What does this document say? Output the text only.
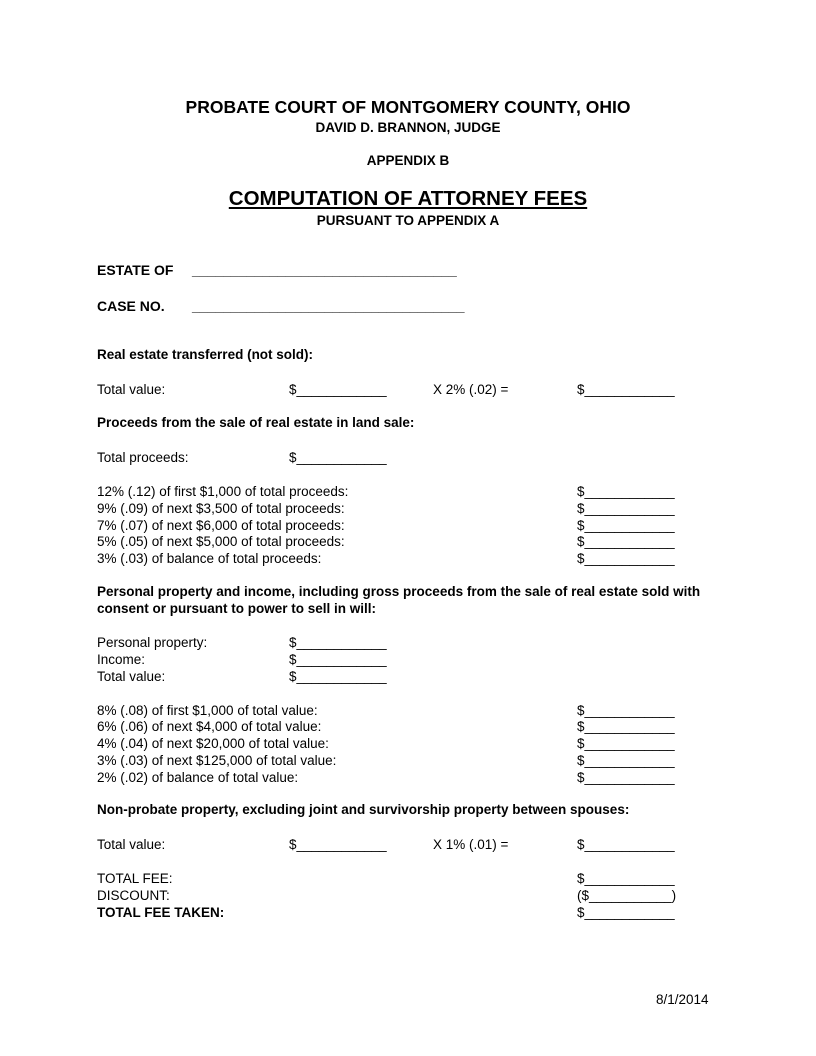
PROBATE COURT OF MONTGOMERY COUNTY, OHIO
DAVID D. BRANNON, JUDGE
APPENDIX B
COMPUTATION OF ATTORNEY FEES
PURSUANT TO APPENDIX A
ESTATE OF __________________________________
CASE NO. ___________________________________
Real estate transferred (not sold):
Total value:	$____________	X 2% (.02) =	$____________
Proceeds from the sale of real estate in land sale:
Total proceeds:	$____________
12% (.12) of first $1,000 of total proceeds:	$____________
9% (.09) of next $3,500 of total proceeds:	$____________
7% (.07) of next $6,000 of total proceeds:	$____________
5% (.05) of next $5,000 of total proceeds:	$____________
3% (.03) of balance of total proceeds:	$____________
Personal property and income, including gross proceeds from the sale of real estate sold with consent or pursuant to power to sell in will:
Personal property:	$____________
Income:	$____________
Total value:	$____________
8% (.08) of first $1,000 of total value:	$____________
6% (.06) of next $4,000 of total value:	$____________
4% (.04) of next $20,000 of total value:	$____________
3% (.03) of next $125,000 of total value:	$____________
2% (.02) of balance of total value:	$____________
Non-probate property, excluding joint and survivorship property between spouses:
Total value:	$____________	X 1% (.01) =	$____________
TOTAL FEE:	$____________
DISCOUNT:	($___________)
TOTAL FEE TAKEN:	$____________
8/1/2014
